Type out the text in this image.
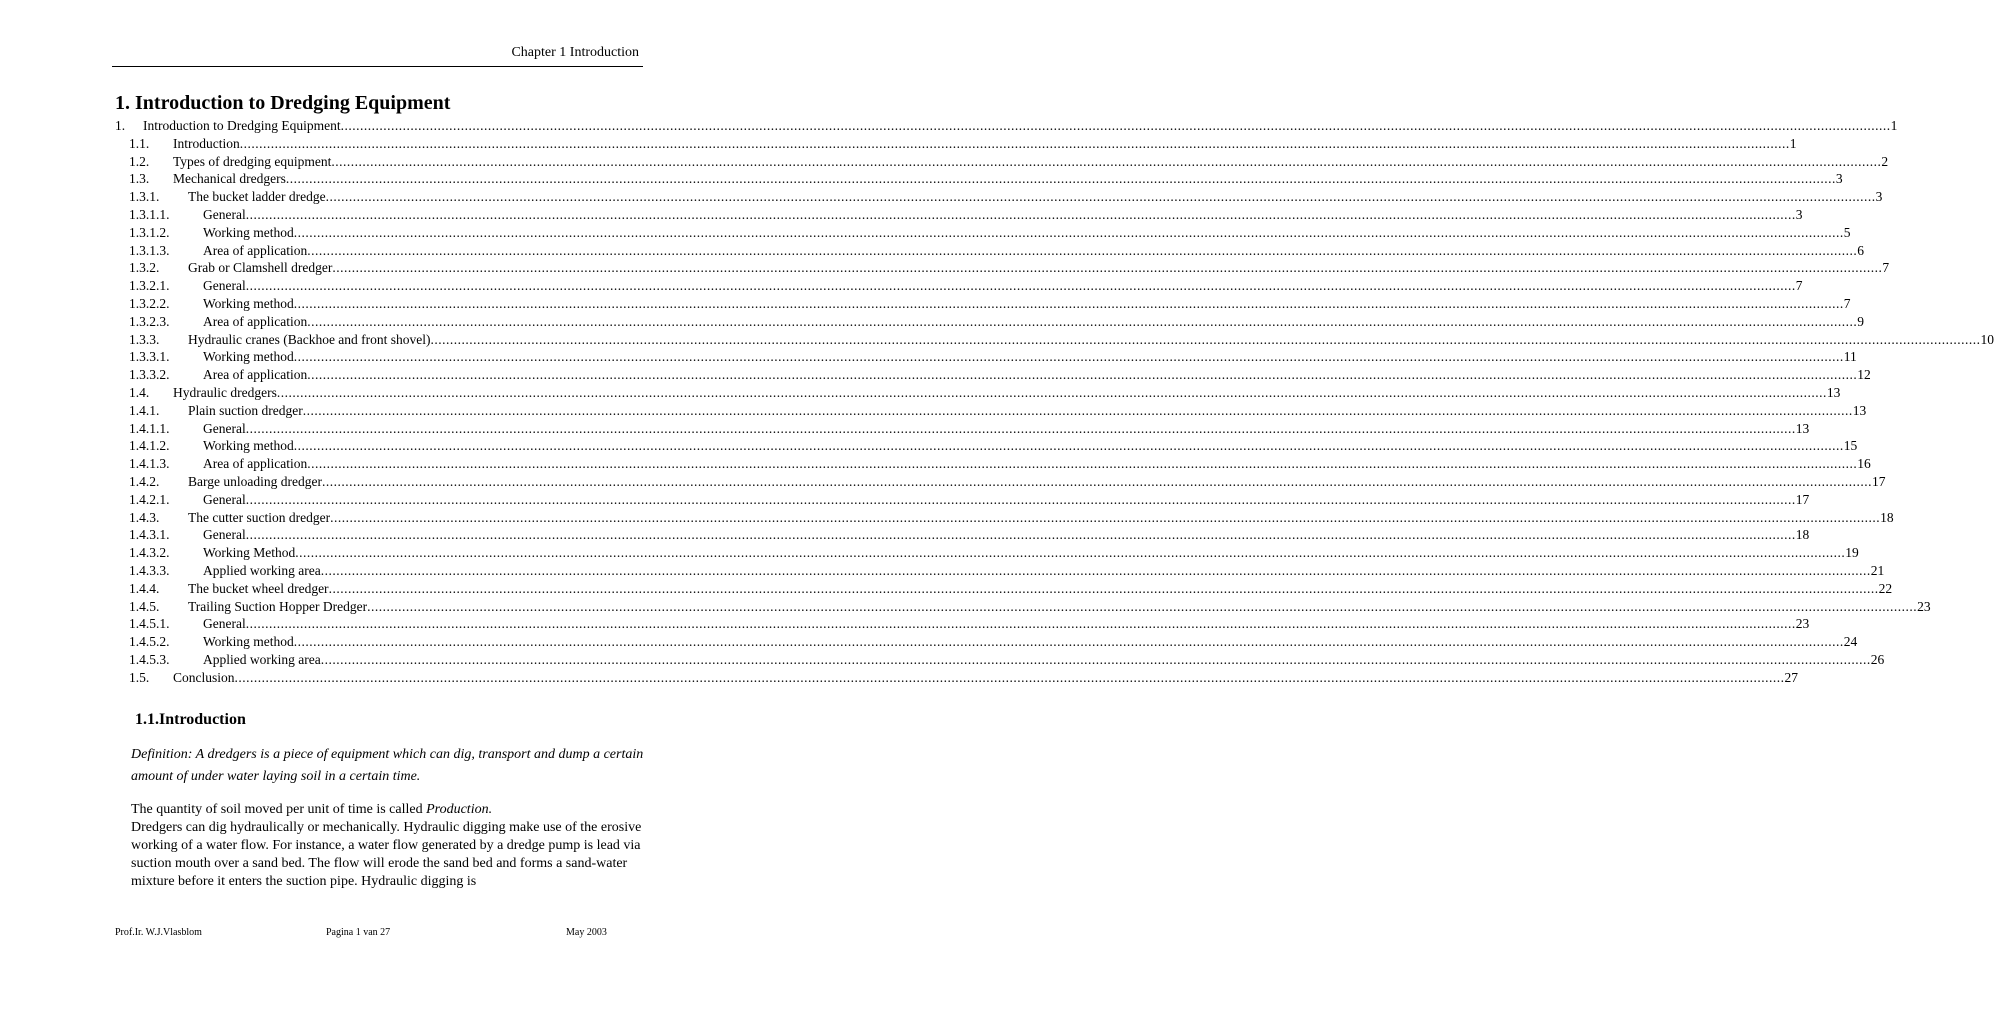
Chapter 1 Introduction
1. Introduction to Dredging Equipment
1. Introduction to Dredging Equipment ................................................................................................................................................................................................................................................................................................................................................................................................................ 1
1.1. Introduction ................................................................................................................................................................................................................................................................................................................................................................................................................ 1
1.2. Types of dredging equipment ................................................................................................................................................................................................................................................................................................................................................................................................................ 2
1.3. Mechanical dredgers ................................................................................................................................................................................................................................................................................................................................................................................................................ 3
1.3.1. The bucket ladder dredge ................................................................................................................................................................................................................................................................................................................................................................................................................ 3
1.3.1.1. General ................................................................................................................................................................................................................................................................................................................................................................................................................ 3
1.3.1.2. Working method ................................................................................................................................................................................................................................................................................................................................................................................................................ 5
1.3.1.3. Area of application ................................................................................................................................................................................................................................................................................................................................................................................................................ 6
1.3.2. Grab or Clamshell dredger ................................................................................................................................................................................................................................................................................................................................................................................................................ 7
1.3.2.1. General ................................................................................................................................................................................................................................................................................................................................................................................................................ 7
1.3.2.2. Working method ................................................................................................................................................................................................................................................................................................................................................................................................................ 7
1.3.2.3. Area of application ................................................................................................................................................................................................................................................................................................................................................................................................................ 9
1.3.3. Hydraulic cranes (Backhoe and front shovel) ................................................................................................................................................................................................................................................................................................................................................................................................................ 10
1.3.3.1. Working method ................................................................................................................................................................................................................................................................................................................................................................................................................ 11
1.3.3.2. Area of application ................................................................................................................................................................................................................................................................................................................................................................................................................ 12
1.4. Hydraulic dredgers ................................................................................................................................................................................................................................................................................................................................................................................................................ 13
1.4.1. Plain suction dredger ................................................................................................................................................................................................................................................................................................................................................................................................................ 13
1.4.1.1. General ................................................................................................................................................................................................................................................................................................................................................................................................................ 13
1.4.1.2. Working method ................................................................................................................................................................................................................................................................................................................................................................................................................ 15
1.4.1.3. Area of application ................................................................................................................................................................................................................................................................................................................................................................................................................ 16
1.4.2. Barge unloading dredger ................................................................................................................................................................................................................................................................................................................................................................................................................ 17
1.4.2.1. General ................................................................................................................................................................................................................................................................................................................................................................................................................ 17
1.4.3. The cutter suction dredger ................................................................................................................................................................................................................................................................................................................................................................................................................ 18
1.4.3.1. General ................................................................................................................................................................................................................................................................................................................................................................................................................ 18
1.4.3.2. Working Method ................................................................................................................................................................................................................................................................................................................................................................................................................ 19
1.4.3.3. Applied working area ................................................................................................................................................................................................................................................................................................................................................................................................................ 21
1.4.4. The bucket wheel dredger ................................................................................................................................................................................................................................................................................................................................................................................................................ 22
1.4.5. Trailing Suction Hopper Dredger ................................................................................................................................................................................................................................................................................................................................................................................................................ 23
1.4.5.1. General ................................................................................................................................................................................................................................................................................................................................................................................................................ 23
1.4.5.2. Working method ................................................................................................................................................................................................................................................................................................................................................................................................................ 24
1.4.5.3. Applied working area ................................................................................................................................................................................................................................................................................................................................................................................................................ 26
1.5. Conclusion ................................................................................................................................................................................................................................................................................................................................................................................................................ 27
1.1.Introduction

Definition: A dredgers is a piece of equipment which can dig, transport and dump a certain amount of under water laying soil in a certain time.

The quantity of soil moved per unit of time is called Production.

Dredgers can dig hydraulically or mechanically. Hydraulic digging make use of the erosive working of a water flow. For instance, a water flow generated by a dredge pump is lead via suction mouth over a sand bed. The flow will erode the sand bed and forms a sand-water mixture before it enters the suction pipe. Hydraulic digging is

Prof.Ir. W.J.Vlasblom	Pagina 1 van 27	May 2003
